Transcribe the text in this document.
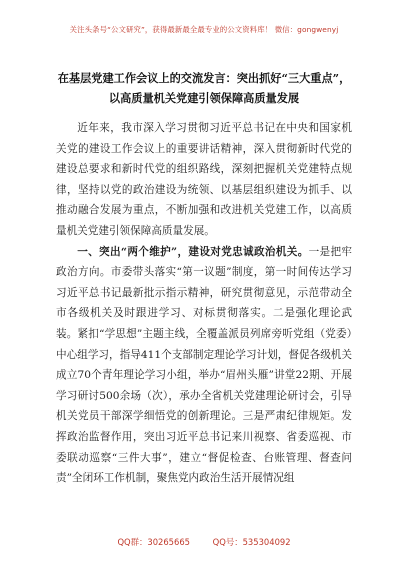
关注头条号“公文研究”，获得最新最全最专业的公文资料库！ 微信：gongwenyj
在基层党建工作会议上的交流发言：突出抓好“三大重点”，以高质量机关党建引领保障高质量发展

近年来，我市深入学习贯彻习近平总书记在中央和国家机关党的建设工作会议上的重要讲话精神，深入贯彻新时代党的建设总要求和新时代党的组织路线，深刻把握机关党建特点规律，坚持以党的政治建设为统领、以基层组织建设为抓手、以推动融合发展为重点，不断加强和改进机关党建工作，以高质量机关党建引领保障高质量发展。

一、突出“两个维护”，建设对党忠诚政治机关。一是把牢政治方向。市委带头落实“第一议题”制度，第一时间传达学习习近平总书记最新批示指示精神，研究贯彻意见，示范带动全市各级机关及时跟进学习、对标贯彻落实。二是强化理论武装。紧扣“学思想”主题主线，全覆盖派员列席旁听党组（党委）中心组学习，指导411个支部制定理论学习计划，督促各级机关成立70个青年理论学习小组，举办“眉州头雁”讲堂22期、开展学习研讨500余场（次），承办全省机关党建理论研讨会，引导机关党员干部深学细悟党的创新理论。三是严肃纪律规矩。发挥政治监督作用，突出习近平总书记来川视察、省委巡视、市委联动巡察“三件大事”，建立“督促检查、台账管理、督查问责”全闭环工作机制，聚焦党内政治生活开展情况组

QQ群：30265665	QQ号：535304092
